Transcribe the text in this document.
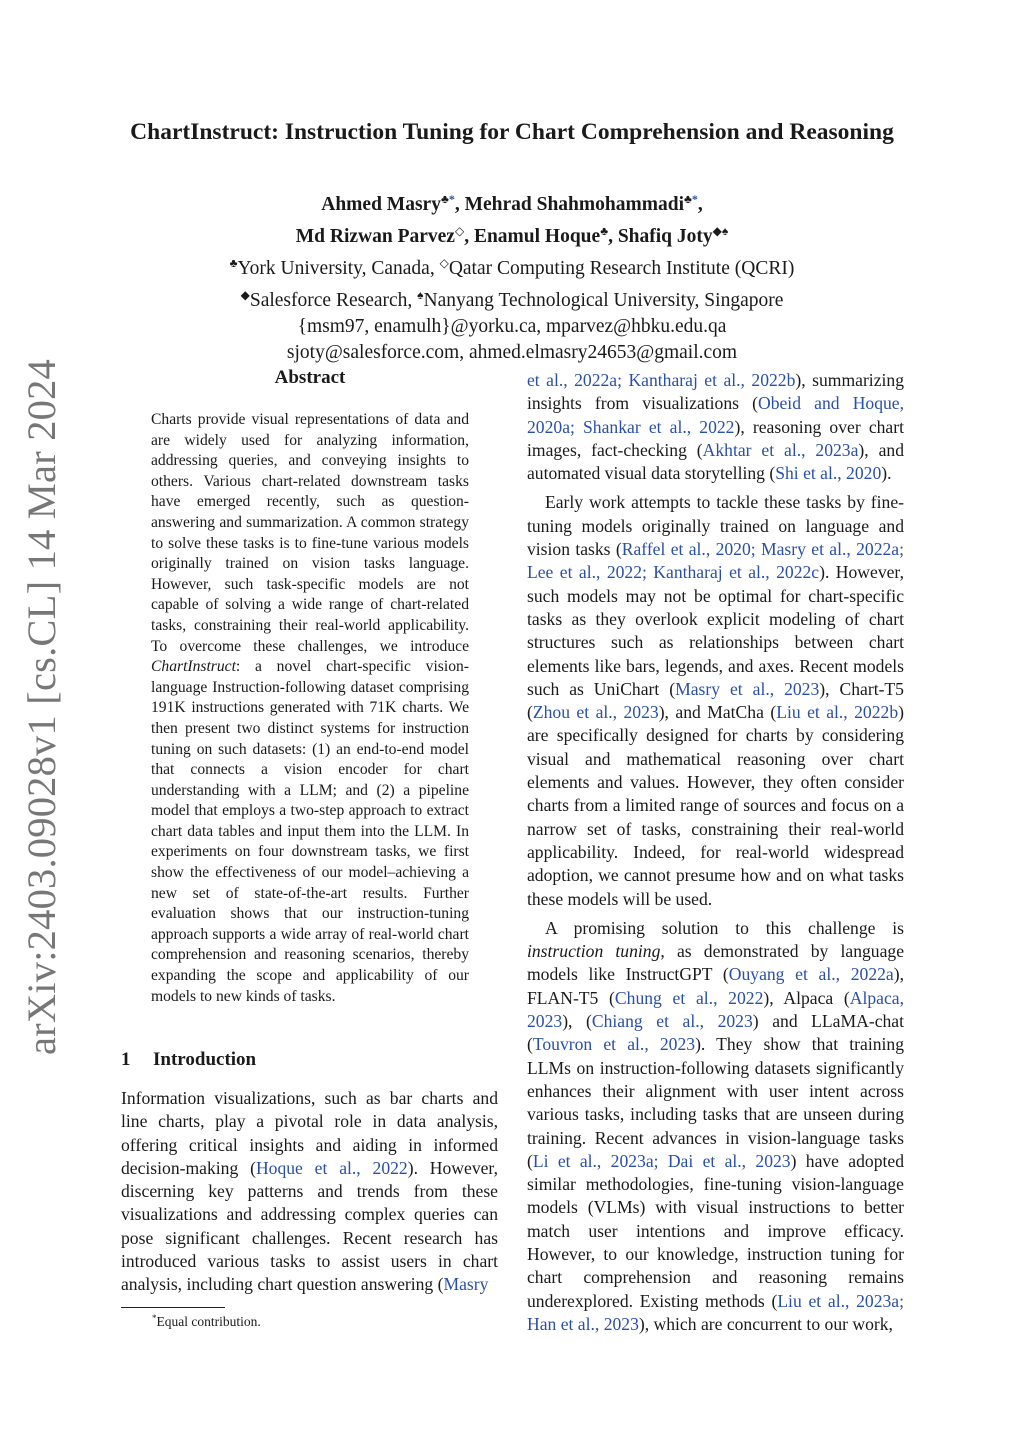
arXiv:2403.09028v1 [cs.CL] 14 Mar 2024
ChartInstruct: Instruction Tuning for Chart Comprehension and Reasoning
Ahmed Masry♣*, Mehrad Shahmohammadi♣*,
Md Rizwan Parvez◇, Enamul Hoque♣, Shafiq Joty◆♠
♣York University, Canada, ◇Qatar Computing Research Institute (QCRI)
◆Salesforce Research, ♠Nanyang Technological University, Singapore
{msm97, enamulh}@yorku.ca, mparvez@hbku.edu.qa
sjoty@salesforce.com, ahmed.elmasry24653@gmail.com
Abstract
Charts provide visual representations of data and are widely used for analyzing information, addressing queries, and conveying insights to others. Various chart-related downstream tasks have emerged recently, such as question-answering and summarization. A common strategy to solve these tasks is to fine-tune various models originally trained on vision tasks language. However, such task-specific models are not capable of solving a wide range of chart-related tasks, constraining their real-world applicability. To overcome these challenges, we introduce ChartInstruct: a novel chart-specific vision-language Instruction-following dataset comprising 191K instructions generated with 71K charts. We then present two distinct systems for instruction tuning on such datasets: (1) an end-to-end model that connects a vision encoder for chart understanding with a LLM; and (2) a pipeline model that employs a two-step approach to extract chart data tables and input them into the LLM. In experiments on four downstream tasks, we first show the effectiveness of our model–achieving a new set of state-of-the-art results. Further evaluation shows that our instruction-tuning approach supports a wide array of real-world chart comprehension and reasoning scenarios, thereby expanding the scope and applicability of our models to new kinds of tasks.
1 Introduction
Information visualizations, such as bar charts and line charts, play a pivotal role in data analysis, offering critical insights and aiding in informed decision-making (Hoque et al., 2022). However, discerning key patterns and trends from these visualizations and addressing complex queries can pose significant challenges. Recent research has introduced various tasks to assist users in chart analysis, including chart question answering (Masry
*Equal contribution.

et al., 2022a; Kantharaj et al., 2022b), summarizing insights from visualizations (Obeid and Hoque, 2020a; Shankar et al., 2022), reasoning over chart images, fact-checking (Akhtar et al., 2023a), and automated visual data storytelling (Shi et al., 2020).

Early work attempts to tackle these tasks by fine-tuning models originally trained on language and vision tasks (Raffel et al., 2020; Masry et al., 2022a; Lee et al., 2022; Kantharaj et al., 2022c). However, such models may not be optimal for chart-specific tasks as they overlook explicit modeling of chart structures such as relationships between chart elements like bars, legends, and axes. Recent models such as UniChart (Masry et al., 2023), Chart-T5 (Zhou et al., 2023), and MatCha (Liu et al., 2022b) are specifically designed for charts by considering visual and mathematical reasoning over chart elements and values. However, they often consider charts from a limited range of sources and focus on a narrow set of tasks, constraining their real-world applicability. Indeed, for real-world widespread adoption, we cannot presume how and on what tasks these models will be used.

A promising solution to this challenge is instruction tuning, as demonstrated by language models like InstructGPT (Ouyang et al., 2022a), FLAN-T5 (Chung et al., 2022), Alpaca (Alpaca, 2023), (Chiang et al., 2023) and LLaMA-chat (Touvron et al., 2023). They show that training LLMs on instruction-following datasets significantly enhances their alignment with user intent across various tasks, including tasks that are unseen during training. Recent advances in vision-language tasks (Li et al., 2023a; Dai et al., 2023) have adopted similar methodologies, fine-tuning vision-language models (VLMs) with visual instructions to better match user intentions and improve efficacy. However, to our knowledge, instruction tuning for chart comprehension and reasoning remains underexplored. Existing methods (Liu et al., 2023a; Han et al., 2023), which are concurrent to our work,
